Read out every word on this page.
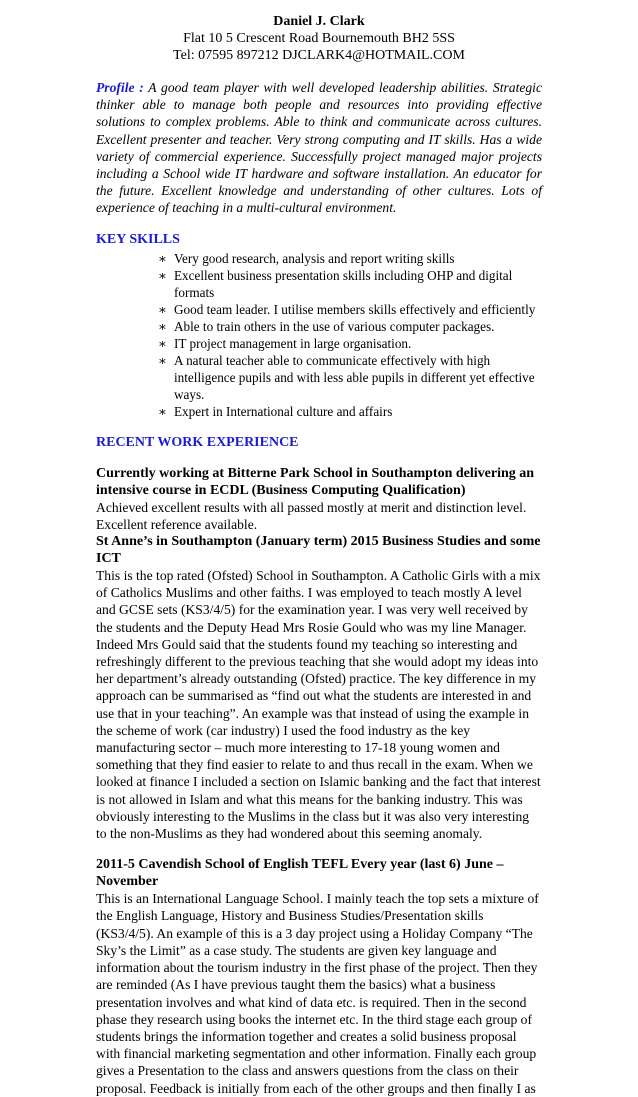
Daniel J. Clark
Flat 10 5 Crescent Road Bournemouth BH2 5SS
Tel: 07595 897212 DJCLARK4@HOTMAIL.COM
Profile : A good team player with well developed leadership abilities. Strategic thinker able to manage both people and resources into providing effective solutions to complex problems. Able to think and communicate across cultures. Excellent presenter and teacher. Very strong computing and IT skills. Has a wide variety of commercial experience. Successfully project managed major projects including a School wide IT hardware and software installation. An educator for the future. Excellent knowledge and understanding of other cultures. Lots of experience of teaching in a multi-cultural environment.
KEY SKILLS
∗ Very good research, analysis and report writing skills
∗ Excellent business presentation skills including OHP and digital formats
∗ Good team leader. I utilise members skills effectively and efficiently
∗ Able to train others in the use of various computer packages.
∗ IT project management in large organisation.
∗ A natural teacher able to communicate effectively with high intelligence pupils and with less able pupils in different yet effective ways.
∗ Expert in International culture and affairs
RECENT WORK EXPERIENCE
Currently working at Bitterne Park School in Southampton delivering an intensive course in ECDL (Business Computing Qualification)
Achieved excellent results with all passed mostly at merit and distinction level. Excellent reference available.
St Anne’s in Southampton (January term) 2015 Business Studies and some ICT
This is the top rated (Ofsted) School in Southampton. A Catholic Girls with a mix of Catholics Muslims and other faiths. I was employed to teach mostly A level and GCSE sets (KS3/4/5) for the examination year. I was very well received by the students and the Deputy Head Mrs Rosie Gould who was my line Manager. Indeed Mrs Gould said that the students found my teaching so interesting and refreshingly different to the previous teaching that she would adopt my ideas into her department’s already outstanding (Ofsted) practice. The key difference in my approach can be summarised as “find out what the students are interested in and use that in your teaching”. An example was that instead of using the example in the scheme of work (car industry) I used the food industry as the key manufacturing sector – much more interesting to 17-18 young women and something that they find easier to relate to and thus recall in the exam. When we looked at finance I included a section on Islamic banking and the fact that interest is not allowed in Islam and what this means for the banking industry. This was obviously interesting to the Muslims in the class but it was also very interesting to the non-Muslims as they had wondered about this seeming anomaly.
2011-5 Cavendish School of English TEFL Every year (last 6) June –November
This is an International Language School. I mainly teach the top sets a mixture of the English Language, History and Business Studies/Presentation skills (KS3/4/5). An example of this is a 3 day project using a Holiday Company “The Sky’s the Limit” as a case study. The students are given key language and information about the tourism industry in the first phase of the project. Then they are reminded (As I have previous taught them the basics) what a business presentation involves and what kind of data etc. is required. Then in the second phase they research using books the internet etc. In the third stage each group of students brings the information together and creates a solid business proposal with financial marketing segmentation and other information. Finally each group gives a Presentation to the class and answers questions from the class on their proposal. Feedback is initially from each of the other groups and then finally I as
